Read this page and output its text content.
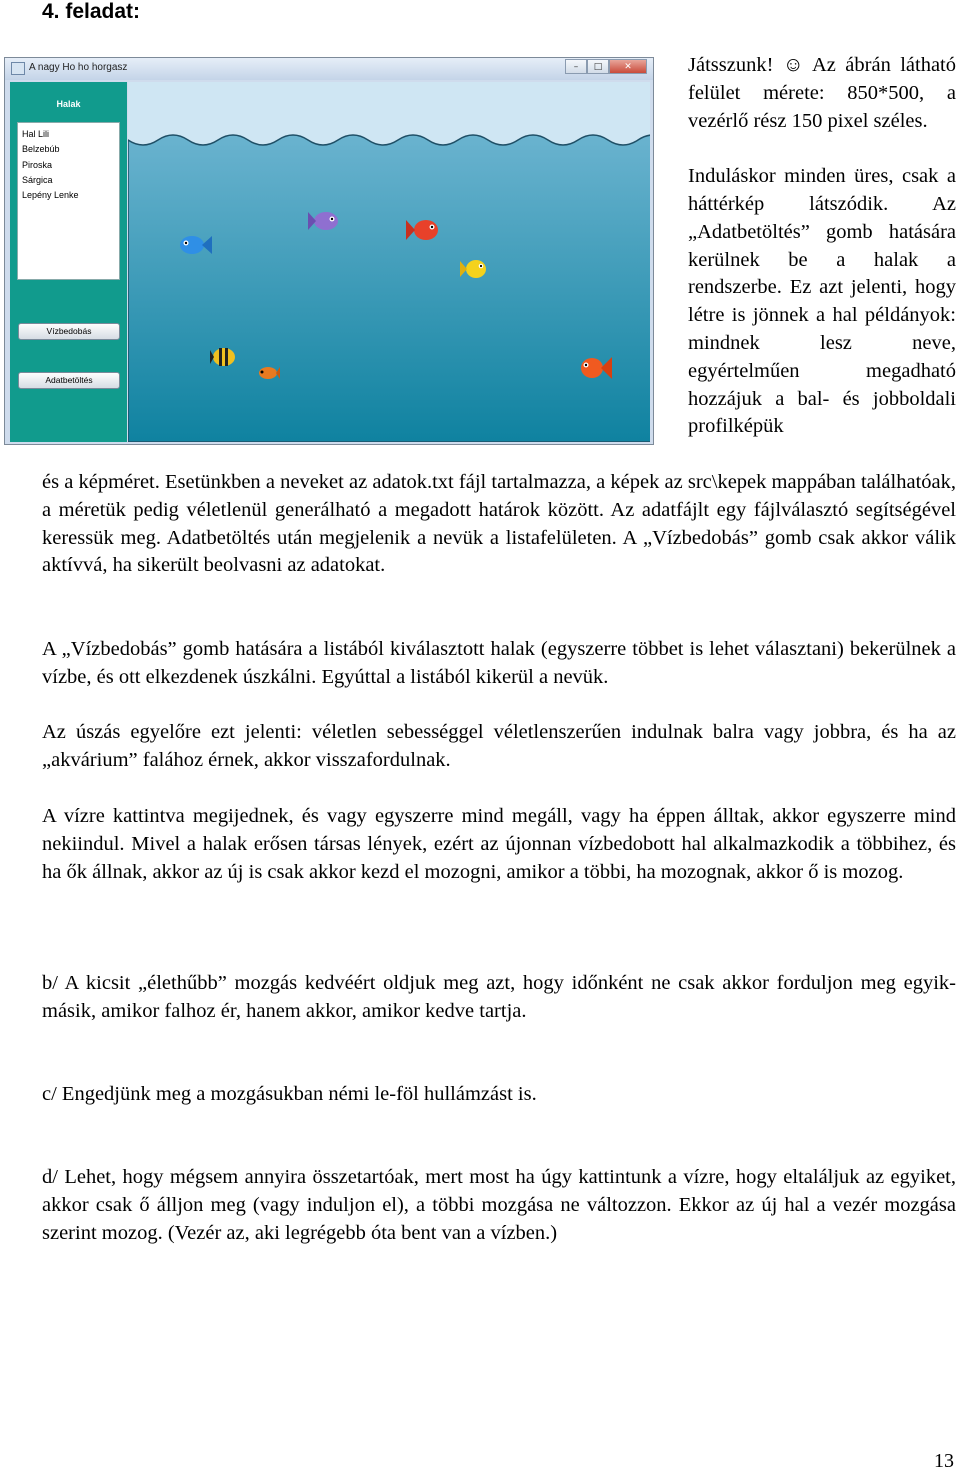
4. feladat:
A nagy Ho ho horgasz	–	□	✕
Halak
Hal Lili
Belzebúb
Piroska
Sárgica
Lepény Lenke
Vízbedobás
Adatbetöltés

Játsszunk! ☺ Az ábrán látható felület mérete: 850*500, a vezérlő rész 150 pixel széles.

Induláskor minden üres, csak a háttérkép látszódik. Az „Adatbetöltés” gomb hatására kerülnek be a halak a rendszerbe. Ez azt jelenti, hogy létre is jönnek a hal példányok: mindnek lesz neve, egyértelműen megadható hozzájuk a bal- és jobboldali profilképük

és a képméret. Esetünkben a neveket az adatok.txt fájl tartalmazza, a képek az src\kepek mappában találhatóak, a méretük pedig véletlenül generálható a megadott határok között. Az adatfájlt egy fájlválasztó segítségével keressük meg. Adatbetöltés után megjelenik a nevük a listafelületen. A „Vízbedobás” gomb csak akkor válik aktívvá, ha sikerült beolvasni az adatokat.
A „Vízbedobás” gomb hatására a listából kiválasztott halak (egyszerre többet is lehet választani) bekerülnek a vízbe, és ott elkezdenek úszkálni. Egyúttal a listából kikerül a nevük.
Az úszás egyelőre ezt jelenti: véletlen sebességgel véletlenszerűen indulnak balra vagy jobbra, és ha az „akvárium” falához érnek, akkor visszafordulnak.
A vízre kattintva megijednek, és vagy egyszerre mind megáll, vagy ha éppen álltak, akkor egyszerre mind nekiindul. Mivel a halak erősen társas lények, ezért az újonnan vízbedobott hal alkalmazkodik a többihez, és ha ők állnak, akkor az új is csak akkor kezd el mozogni, amikor a többi, ha mozognak, akkor ő is mozog.
b/ A kicsit „élethűbb” mozgás kedvéért oldjuk meg azt, hogy időnként ne csak akkor forduljon meg egyik-másik, amikor falhoz ér, hanem akkor, amikor kedve tartja.
c/ Engedjünk meg a mozgásukban némi le-föl hullámzást is.
d/ Lehet, hogy mégsem annyira összetartóak, mert most ha úgy kattintunk a vízre, hogy eltaláljuk az egyiket, akkor csak ő álljon meg (vagy induljon el), a többi mozgása ne változzon. Ekkor az új hal a vezér mozgása szerint mozog. (Vezér az, aki legrégebb óta bent van a vízben.)
13
